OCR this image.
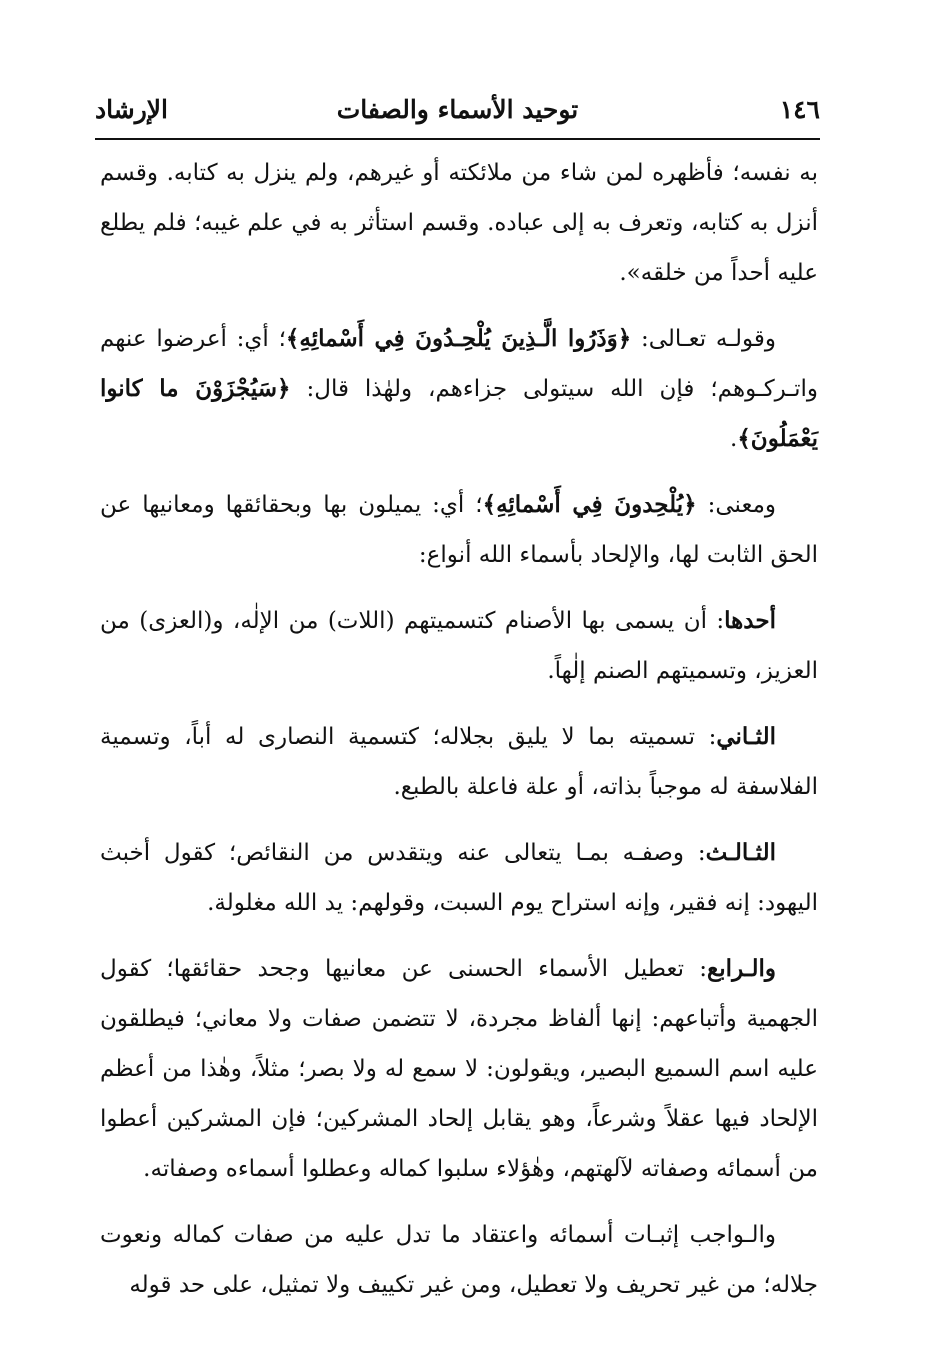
١٤٦
توحيد الأسماء والصفات
الإرشاد

به نفسه؛ فأظهره لمن شاء من ملائكته أو غيرهم، ولم ينزل به كتابه. وقسم أنزل به كتابه، وتعرف به إلى عباده. وقسم استأثر به في علم غيبه؛ فلم يطلع عليه أحداً من خلقه».

وقولـه تعـالى: ﴿وَذَرُوا الَّـذِينَ يُلْحِـدُونَ فِي أَسْمائِهِ﴾؛ أي: أعرضوا عنهم واتـركـوهم؛ فإن الله سيتولى جزاءهم، ولهٰذا قال: ﴿سَيُجْزَوْنَ ما كانوا يَعْمَلُونَ﴾.

ومعنى: ﴿يُلْحِدونَ فِي أَسْمائِهِ﴾؛ أي: يميلون بها وبحقائقها ومعانيها عن الحق الثابت لها، والإلحاد بأسماء الله أنواع:

أحدها: أن يسمى بها الأصنام كتسميتهم (اللات) من الإلٰه، و(العزى) من العزيز، وتسميتهم الصنم إلٰهاً.

الثـاني: تسميته بما لا يليق بجلاله؛ كتسمية النصارى له أباً، وتسمية الفلاسفة له موجباً بذاته، أو علة فاعلة بالطبع.

الثـالـث: وصفـه بمـا يتعالى عنه ويتقدس من النقائص؛ كقول أخبث اليهود: إنه فقير، وإنه استراح يوم السبت، وقولهم: يد الله مغلولة.

والـرابع: تعطيل الأسماء الحسنى عن معانيها وجحد حقائقها؛ كقول الجهمية وأتباعهم: إنها ألفاظ مجردة، لا تتضمن صفات ولا معاني؛ فيطلقون عليه اسم السميع البصير، ويقولون: لا سمع له ولا بصر؛ مثلاً، وهٰذا من أعظم الإلحاد فيها عقلاً وشرعاً، وهو يقابل إلحاد المشركين؛ فإن المشركين أعطوا من أسمائه وصفاته لآلهتهم، وهٰؤلاء سلبوا كماله وعطلوا أسماءه وصفاته.

والـواجب إثبـات أسمائه واعتقاد ما تدل عليه من صفات كماله ونعوت جلاله؛ من غير تحريف ولا تعطيل، ومن غير تكييف ولا تمثيل، على حد قوله
